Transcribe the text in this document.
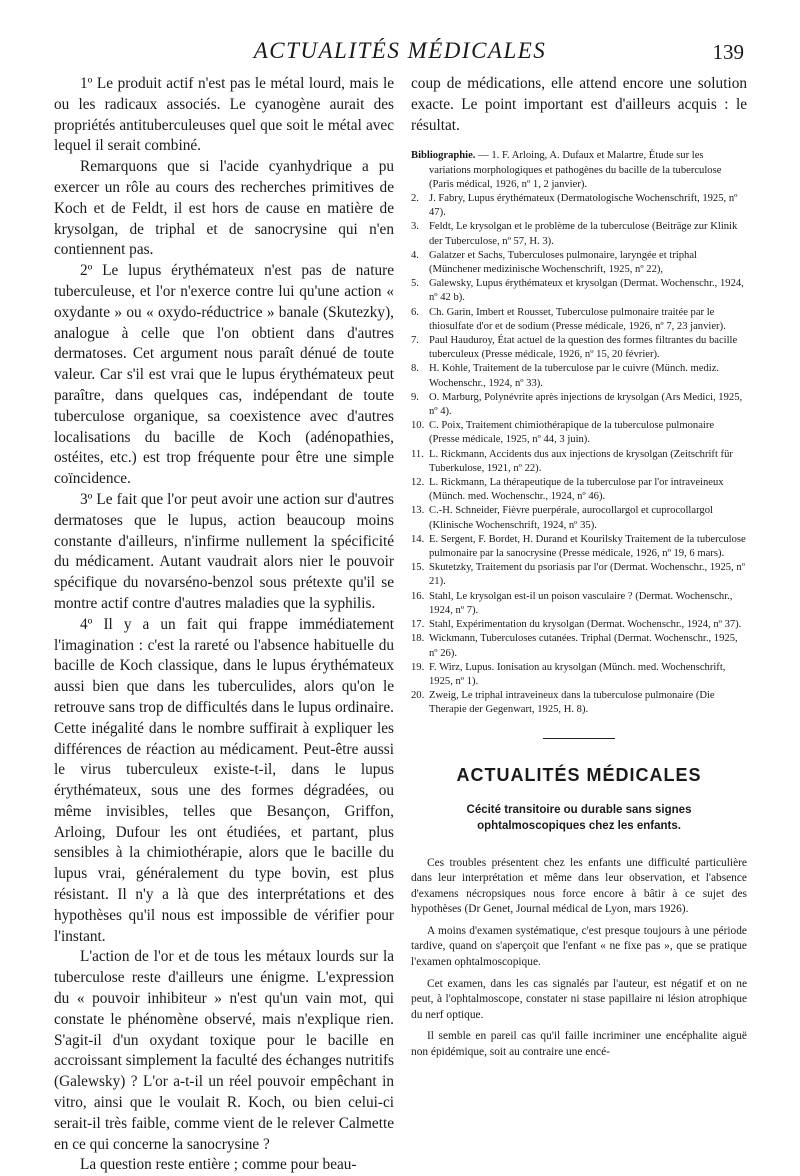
ACTUALITÉS MÉDICALES	139

1º Le produit actif n'est pas le métal lourd, mais le ou les radicaux associés. Le cyanogène aurait des propriétés antituberculeuses quel que soit le métal avec lequel il serait combiné.

Remarquons que si l'acide cyanhydrique a pu exercer un rôle au cours des recherches primitives de Koch et de Feldt, il est hors de cause en matière de krysolgan, de triphal et de sanocrysine qui n'en contiennent pas.

2º Le lupus érythémateux n'est pas de nature tuberculeuse, et l'or n'exerce contre lui qu'une action « oxydante » ou « oxydo-réductrice » banale (Skutezky), analogue à celle que l'on obtient dans d'autres dermatoses. Cet argument nous paraît dénué de toute valeur. Car s'il est vrai que le lupus érythémateux peut paraître, dans quelques cas, indépendant de toute tuberculose organique, sa coexistence avec d'autres localisations du bacille de Koch (adénopathies, ostéites, etc.) est trop fréquente pour être une simple coïncidence.

3º Le fait que l'or peut avoir une action sur d'autres dermatoses que le lupus, action beaucoup moins constante d'ailleurs, n'infirme nullement la spécificité du médicament. Autant vaudrait alors nier le pouvoir spécifique du novarséno-benzol sous prétexte qu'il se montre actif contre d'autres maladies que la syphilis.

4º Il y a un fait qui frappe immédiatement l'imagination : c'est la rareté ou l'absence habituelle du bacille de Koch classique, dans le lupus érythémateux aussi bien que dans les tuberculides, alors qu'on le retrouve sans trop de difficultés dans le lupus ordinaire. Cette inégalité dans le nombre suffirait à expliquer les différences de réaction au médicament. Peut-être aussi le virus tuberculeux existe-t-il, dans le lupus érythémateux, sous une des formes dégradées, ou même invisibles, telles que Besançon, Griffon, Arloing, Dufour les ont étudiées, et partant, plus sensibles à la chimiothérapie, alors que le bacille du lupus vrai, généralement du type bovin, est plus résistant. Il n'y a là que des interprétations et des hypothèses qu'il nous est impossible de vérifier pour l'instant.

L'action de l'or et de tous les métaux lourds sur la tuberculose reste d'ailleurs une énigme. L'expression du « pouvoir inhibiteur » n'est qu'un vain mot, qui constate le phénomène observé, mais n'explique rien. S'agit-il d'un oxydant toxique pour le bacille en accroissant simplement la faculté des échanges nutritifs (Galewsky) ? L'or a-t-il un réel pouvoir empêchant in vitro, ainsi que le voulait R. Koch, ou bien celui-ci serait-il très faible, comme vient de le relever Calmette en ce qui concerne la sanocrysine ?

La question reste entière ; comme pour beau-

coup de médications, elle attend encore une solution exacte. Le point important est d'ailleurs acquis : le résultat.

Bibliographie. — 1. F. Arloing, A. Dufaux et Malartre, Étude sur les variations morphologiques et pathogènes du bacille de la tuberculose (Paris médical, 1926, nº 1, 2 janvier).

2. J. Fabry, Lupus érythémateux (Dermatologische Wochenschrift, 1925, nº 47).
3. Feldt, Le krysolgan et le problème de la tuberculose (Beiträge zur Klinik der Tuberculose, nº 57, H. 3).
4. Galatzer et Sachs, Tuberculoses pulmonaire, laryngée et triphal (Münchener medizinische Wochenschrift, 1925, nº 22),
5. Galewsky, Lupus érythémateux et krysolgan (Dermat. Wochenschr., 1924, nº 42 b).
6. Ch. Garin, Imbert et Rousset, Tuberculose pulmonaire traitée par le thiosulfate d'or et de sodium (Presse médicale, 1926, nº 7, 23 janvier).
7. Paul Hauduroy, État actuel de la question des formes filtrantes du bacille tuberculeux (Presse médicale, 1926, nº 15, 20 février).
8. H. Kohle, Traitement de la tuberculose par le cuivre (Münch. mediz. Wochenschr., 1924, nº 33).
9. O. Marburg, Polynévrite après injections de krysolgan (Ars Medici, 1925, nº 4).
10. C. Poix, Traitement chimiothérapique de la tuberculose pulmonaire (Presse médicale, 1925, nº 44, 3 juin).
11. L. Rickmann, Accidents dus aux injections de krysolgan (Zeitschrift für Tuberkulose, 1921, nº 22).
12. L. Rickmann, La thérapeutique de la tuberculose par l'or intraveineux (Münch. med. Wochenschr., 1924, nº 46).
13. C.-H. Schneider, Fièvre puerpérale, aurocollargol et cuprocollargol (Klinische Wochenschrift, 1924, nº 35).
14. E. Sergent, F. Bordet, H. Durand et Kourilsky Traitement de la tuberculose pulmonaire par la sanocrysine (Presse médicale, 1926, nº 19, 6 mars).
15. Skutetzky, Traitement du psoriasis par l'or (Dermat. Wochenschr., 1925, nº 21).
16. Stahl, Le krysolgan est-il un poison vasculaire ? (Dermat. Wochenschr., 1924, nº 7).
17. Stahl, Expérimentation du krysolgan (Dermat. Wochenschr., 1924, nº 37).
18. Wickmann, Tuberculoses cutanées. Triphal (Dermat. Wochenschr., 1925, nº 26).
19. F. Wirz, Lupus. Ionisation au krysolgan (Münch. med. Wochenschrift, 1925, nº 1).
20. Zweig, Le triphal intraveineux dans la tuberculose pulmonaire (Die Therapie der Gegenwart, 1925, H. 8).
ACTUALITÉS MÉDICALES
Cécité transitoire ou durable sans signes ophtalmoscopiques chez les enfants.

Ces troubles présentent chez les enfants une difficulté particulière dans leur interprétation et même dans leur observation, et l'absence d'examens nécropsiques nous force encore à bâtir à ce sujet des hypothèses (Dr Genet, Journal médical de Lyon, mars 1926).

A moins d'examen systématique, c'est presque toujours à une période tardive, quand on s'aperçoit que l'enfant « ne fixe pas », que se pratique l'examen ophtalmoscopique.

Cet examen, dans les cas signalés par l'auteur, est négatif et on ne peut, à l'ophtalmoscope, constater ni stase papillaire ni lésion atrophique du nerf optique.

Il semble en pareil cas qu'il faille incriminer une encéphalite aiguë non épidémique, soit au contraire une encé-
